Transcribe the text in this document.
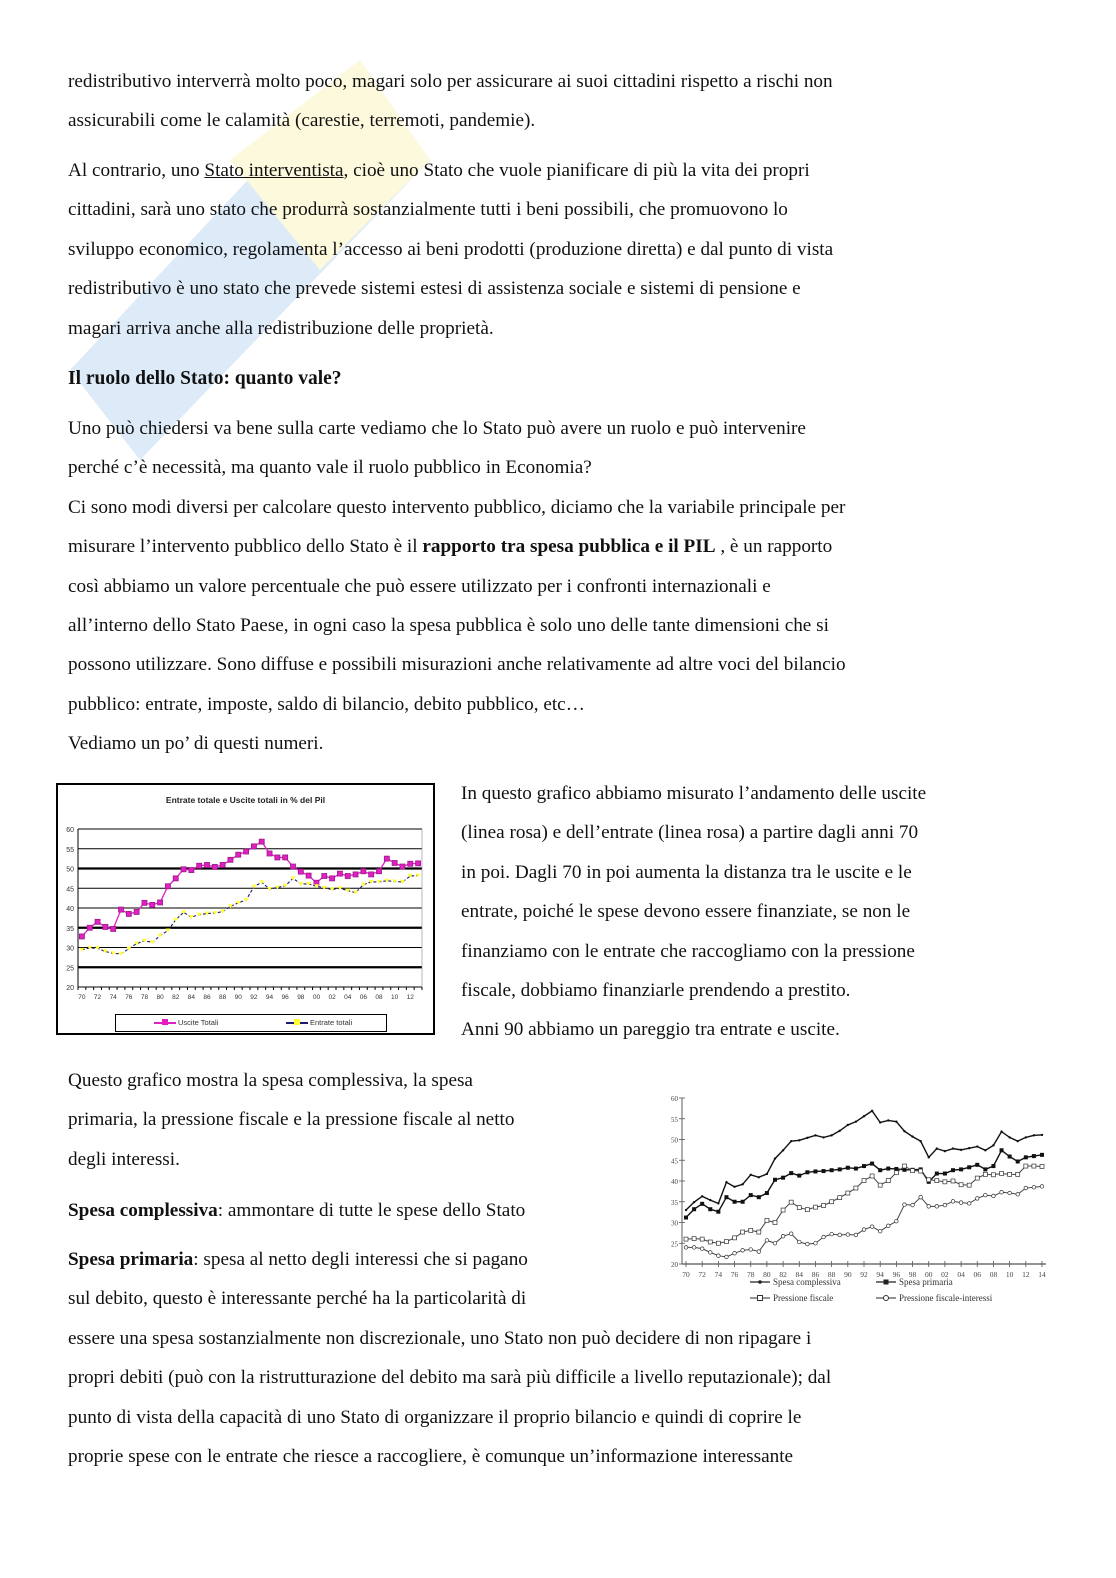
redistributivo interverrà molto poco, magari solo per assicurare ai suoi cittadini rispetto a rischi non
assicurabili come le calamità (carestie, terremoti, pandemie).

Al contrario, uno Stato interventista, cioè uno Stato che vuole pianificare di più la vita dei propri
cittadini, sarà uno stato che produrrà sostanzialmente tutti i beni possibili, che promuovono lo
sviluppo economico, regolamenta l’accesso ai beni prodotti (produzione diretta) e dal punto di vista
redistributivo è uno stato che prevede sistemi estesi di assistenza sociale e sistemi di pensione e
magari arriva anche alla redistribuzione delle proprietà.

Il ruolo dello Stato: quanto vale?

Uno può chiedersi va bene sulla carte vediamo che lo Stato può avere un ruolo e può intervenire
perché c’è necessità, ma quanto vale il ruolo pubblico in Economia?
Ci sono modi diversi per calcolare questo intervento pubblico, diciamo che la variabile principale per
misurare l’intervento pubblico dello Stato è il rapporto tra spesa pubblica e il PIL , è un rapporto
così abbiamo un valore percentuale che può essere utilizzato per i confronti internazionali e
all’interno dello Stato Paese, in ogni caso la spesa pubblica è solo uno delle tante dimensioni che si
possono utilizzare. Sono diffuse e possibili misurazioni anche relativamente ad altre voci del bilancio
pubblico: entrate, imposte, saldo di bilancio, debito pubblico, etc…
Vediamo un po’ di questi numeri.

Entrate totale e Uscite totali in % del Pil
20
25
30
35
40
45
50
55
60
70 72 74 76 78 80 82 84 86 88 90 92 94 96 98 00 02 04 06 08 10 12
Uscite Totali	Entrate totali

In questo grafico abbiamo misurato l’andamento delle uscite
(linea rosa) e dell’entrate (linea rosa) a partire dagli anni 70
in poi. Dagli 70 in poi aumenta la distanza tra le uscite e le
entrate, poiché le spese devono essere finanziate, se non le
finanziamo con le entrate che raccogliamo con la pressione
fiscale, dobbiamo finanziarle prendendo a prestito.
Anni 90 abbiamo un pareggio tra entrate e uscite.

Questo grafico mostra la spesa complessiva, la spesa
primaria, la pressione fiscale e la pressione fiscale al netto
degli interessi.

Spesa complessiva: ammontare di tutte le spese dello Stato

Spesa primaria: spesa al netto degli interessi che si pagano
sul debito, questo è interessante perché ha la particolarità di

essere una spesa sostanzialmente non discrezionale, uno Stato non può decidere di non ripagare i
propri debiti (può con la ristrutturazione del debito ma sarà più difficile a livello reputazionale); dal
punto di vista della capacità di uno Stato di organizzare il proprio bilancio e quindi di coprire le
proprie spese con le entrate che riesce a raccogliere, è comunque un’informazione interessante

20
25
30
35
40
45
50
55
60
70 72 74 76 78 80 82 84 86 88 90 92 94 96 98 00 02 04 06 08 10 12 14
Spesa complessiva	Spesa primaria
Pressione fiscale	Pressione fiscale-interessi
